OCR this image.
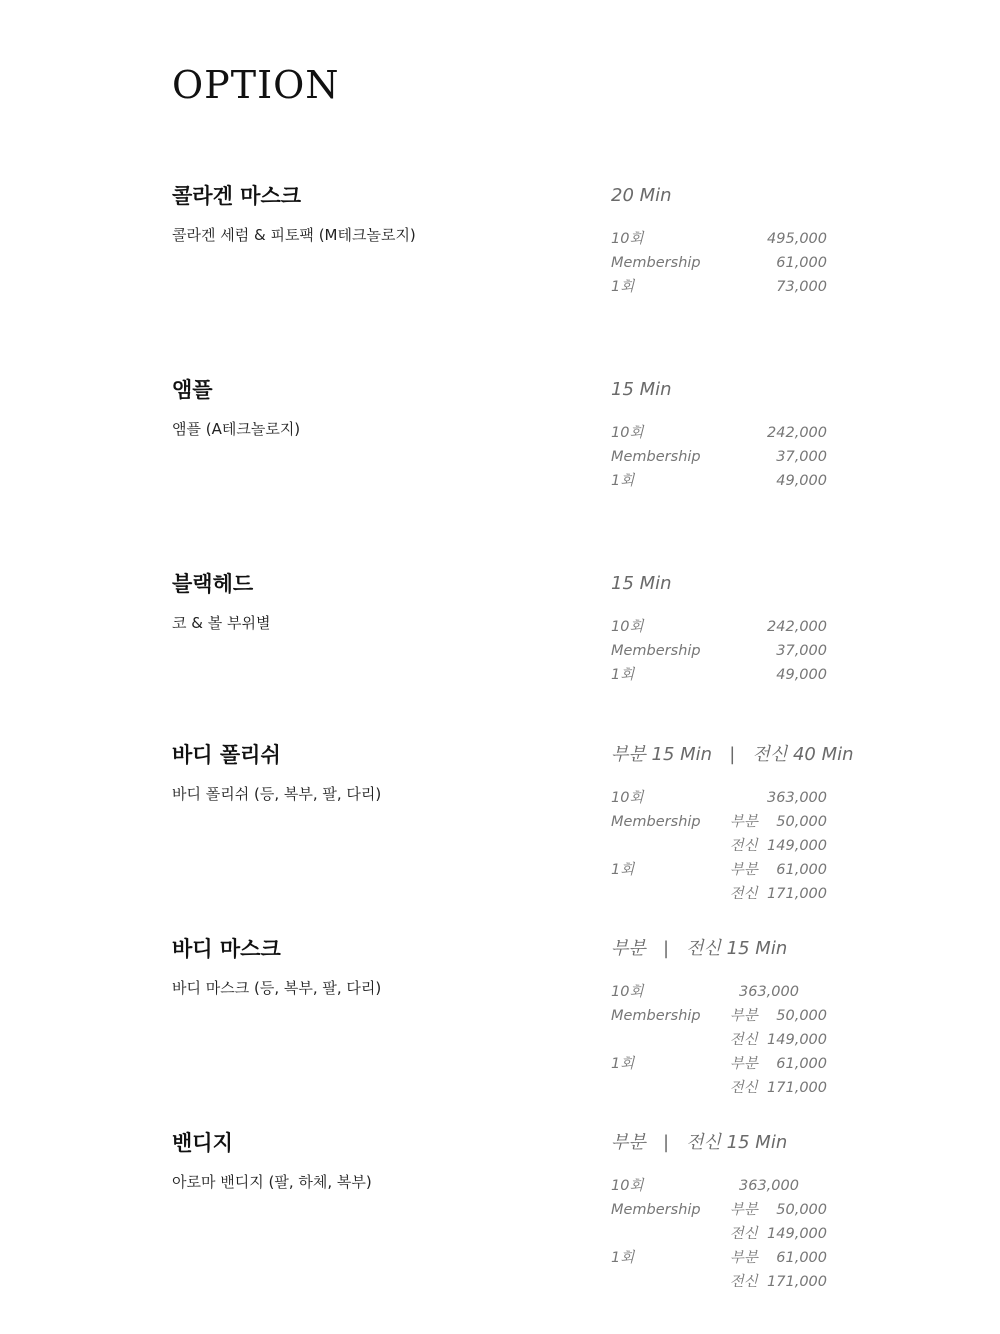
OPTION
콜라겐 마스크	20 Min
콜라겐 세럼 & 피토팩 (M테크놀로지)	10회	495,000
Membership	61,000
1회	73,000
앰플	15 Min
앰플 (A테크놀로지)	10회	242,000
Membership	37,000
1회	49,000
블랙헤드	15 Min
코 & 볼 부위별	10회	242,000
Membership	37,000
1회	49,000
바디 폴리쉬	부분 15 Min   |   전신 40 Min
바디 폴리쉬 (등, 복부, 팔, 다리)	10회	363,000
Membership 부분    50,000
전신  149,000
1회	부분    61,000
전신  171,000
바디 마스크	부분   |   전신 15 Min
바디 마스크 (등, 복부, 팔, 다리)	10회	363,000
Membership 부분    50,000
전신  149,000
1회	부분    61,000
전신  171,000
밴디지	부분   |   전신 15 Min
아로마 밴디지 (팔, 하체, 복부)	10회	363,000
Membership 부분    50,000
전신  149,000
1회	부분    61,000
전신  171,000
